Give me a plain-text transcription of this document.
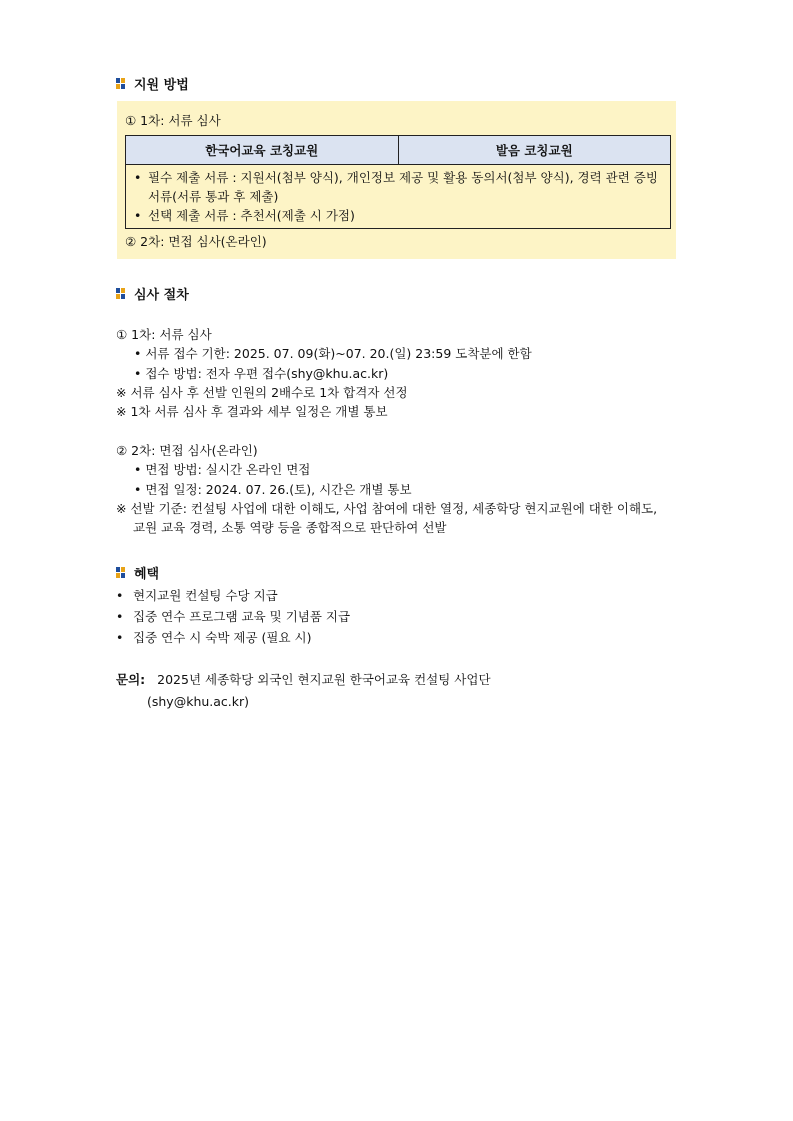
지원 방법
① 1차: 서류 심사
한국어교육 코칭교원	발음 코칭교원
• 필수 제출 서류 : 지원서(첨부 양식), 개인정보 제공 및 활용 동의서(첨부 양식), 경력 관련 증빙 서류(서류 통과 후 제출)
• 선택 제출 서류 : 추천서(제출 시 가점)
② 2차: 면접 심사(온라인)
심사 절차
① 1차: 서류 심사
• 서류 접수 기한: 2025. 07. 09(화)~07. 20.(일) 23:59 도착분에 한함
• 접수 방법: 전자 우편 접수(shy@khu.ac.kr)
※ 서류 심사 후 선발 인원의 2배수로 1차 합격자 선정
※ 1차 서류 심사 후 결과와 세부 일정은 개별 통보
② 2차: 면접 심사(온라인)
• 면접 방법: 실시간 온라인 면접
• 면접 일정: 2024. 07. 26.(토), 시간은 개별 통보
※ 선발 기준: 컨설팅 사업에 대한 이해도, 사업 참여에 대한 열정, 세종학당 현지교원에 대한 이해도,
교원 교육 경력, 소통 역량 등을 종합적으로 판단하여 선발
혜택
• 현지교원 컨설팅 수당 지급
• 집중 연수 프로그램 교육 및 기념품 지급
• 집중 연수 시 숙박 제공 (필요 시)
문의: 2025년 세종학당 외국인 현지교원 한국어교육 컨설팅 사업단
(shy@khu.ac.kr)
